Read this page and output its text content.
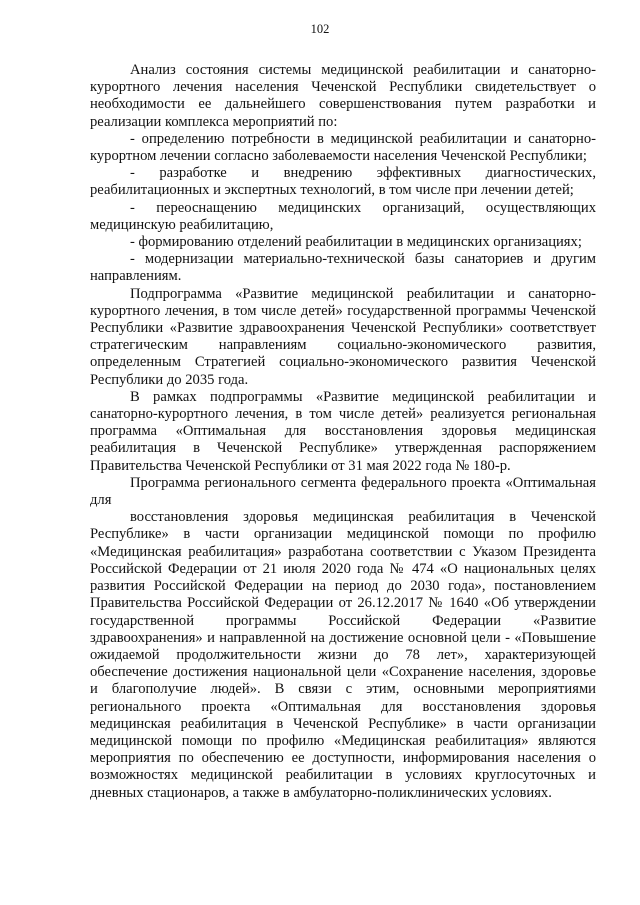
102

Анализ состояния системы медицинской реабилитации и санаторно-курортного лечения населения Чеченской Республики свидетельствует о необходимости ее дальнейшего совершенствования путем разработки и реализации комплекса мероприятий по:

- определению потребности в медицинской реабилитации и санаторно-курортном лечении согласно заболеваемости населения Чеченской Республики;

- разработке и внедрению эффективных диагностических, реабилитационных и экспертных технологий, в том числе при лечении детей;

- переоснащению медицинских организаций, осуществляющих медицинскую реабилитацию,

- формированию отделений реабилитации в медицинских организациях;

- модернизации материально-технической базы санаториев и другим направлениям.

Подпрограмма «Развитие медицинской реабилитации и санаторно-курортного лечения, в том числе детей» государственной программы Чеченской Республики «Развитие здравоохранения Чеченской Республики» соответствует стратегическим направлениям социально-экономического развития, определенным Стратегией социально-экономического развития Чеченской Республики до 2035 года.

В рамках подпрограммы «Развитие медицинской реабилитации и санаторно-курортного лечения, в том числе детей» реализуется региональная программа «Оптимальная для восстановления здоровья медицинская реабилитация в Чеченской Республике» утвержденная распоряжением Правительства Чеченской Республики от 31 мая 2022 года № 180-р.

Программа регионального сегмента федерального проекта «Оптимальная для

восстановления здоровья медицинская реабилитация в Чеченской Республике» в части организации медицинской помощи по профилю «Медицинская реабилитация» разработана соответствии с Указом Президента Российской Федерации от 21 июля 2020 года № 474 «О национальных целях развития Российской Федерации на период до 2030 года», постановлением Правительства Российской Федерации от 26.12.2017 № 1640 «Об утверждении государственной программы Российской Федерации «Развитие здравоохранения» и направленной на достижение основной цели - «Повышение ожидаемой продолжительности жизни до 78 лет», характеризующей обеспечение достижения национальной цели «Сохранение населения, здоровье и благополучие людей». В связи с этим, основными мероприятиями регионального проекта «Оптимальная для восстановления здоровья медицинская реабилитация в Чеченской Республике» в части организации медицинской помощи по профилю «Медицинская реабилитация» являются мероприятия по обеспечению ее доступности, информирования населения о возможностях медицинской реабилитации в условиях круглосуточных и дневных стационаров, а также в амбулаторно-поликлинических условиях.
